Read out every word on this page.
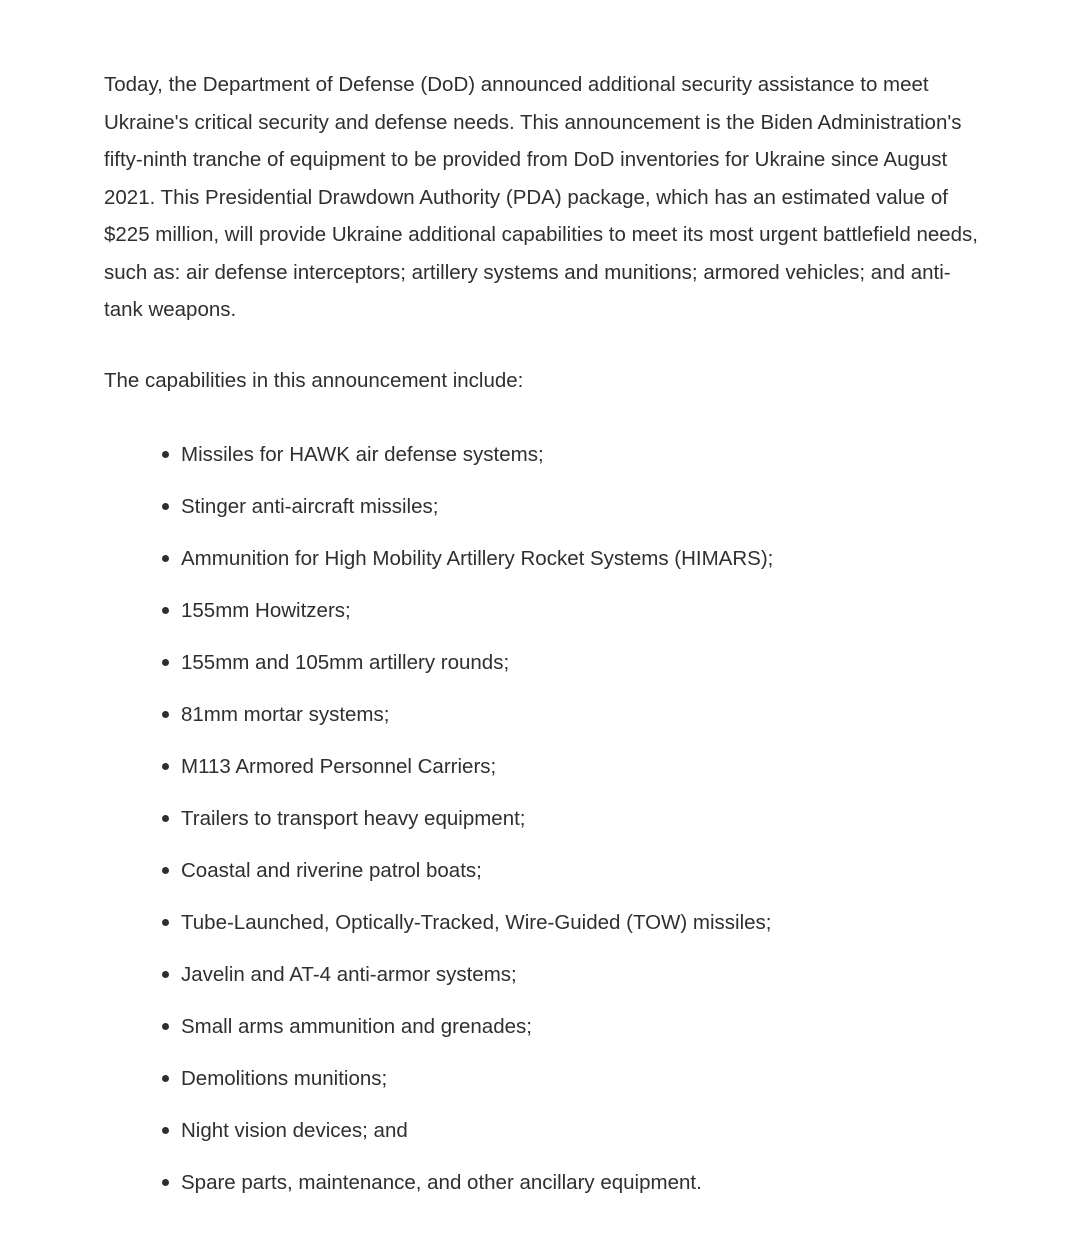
Today, the Department of Defense (DoD) announced additional security assistance to meet Ukraine's critical security and defense needs. This announcement is the Biden Administration's fifty-ninth tranche of equipment to be provided from DoD inventories for Ukraine since August 2021. This Presidential Drawdown Authority (PDA) package, which has an estimated value of $225 million, will provide Ukraine additional capabilities to meet its most urgent battlefield needs, such as: air defense interceptors; artillery systems and munitions; armored vehicles; and anti-tank weapons.

The capabilities in this announcement include:

Missiles for HAWK air defense systems;
Stinger anti-aircraft missiles;
Ammunition for High Mobility Artillery Rocket Systems (HIMARS);
155mm Howitzers;
155mm and 105mm artillery rounds;
81mm mortar systems;
M113 Armored Personnel Carriers;
Trailers to transport heavy equipment;
Coastal and riverine patrol boats;
Tube-Launched, Optically-Tracked, Wire-Guided (TOW) missiles;
Javelin and AT-4 anti-armor systems;
Small arms ammunition and grenades;
Demolitions munitions;
Night vision devices; and
Spare parts, maintenance, and other ancillary equipment.
